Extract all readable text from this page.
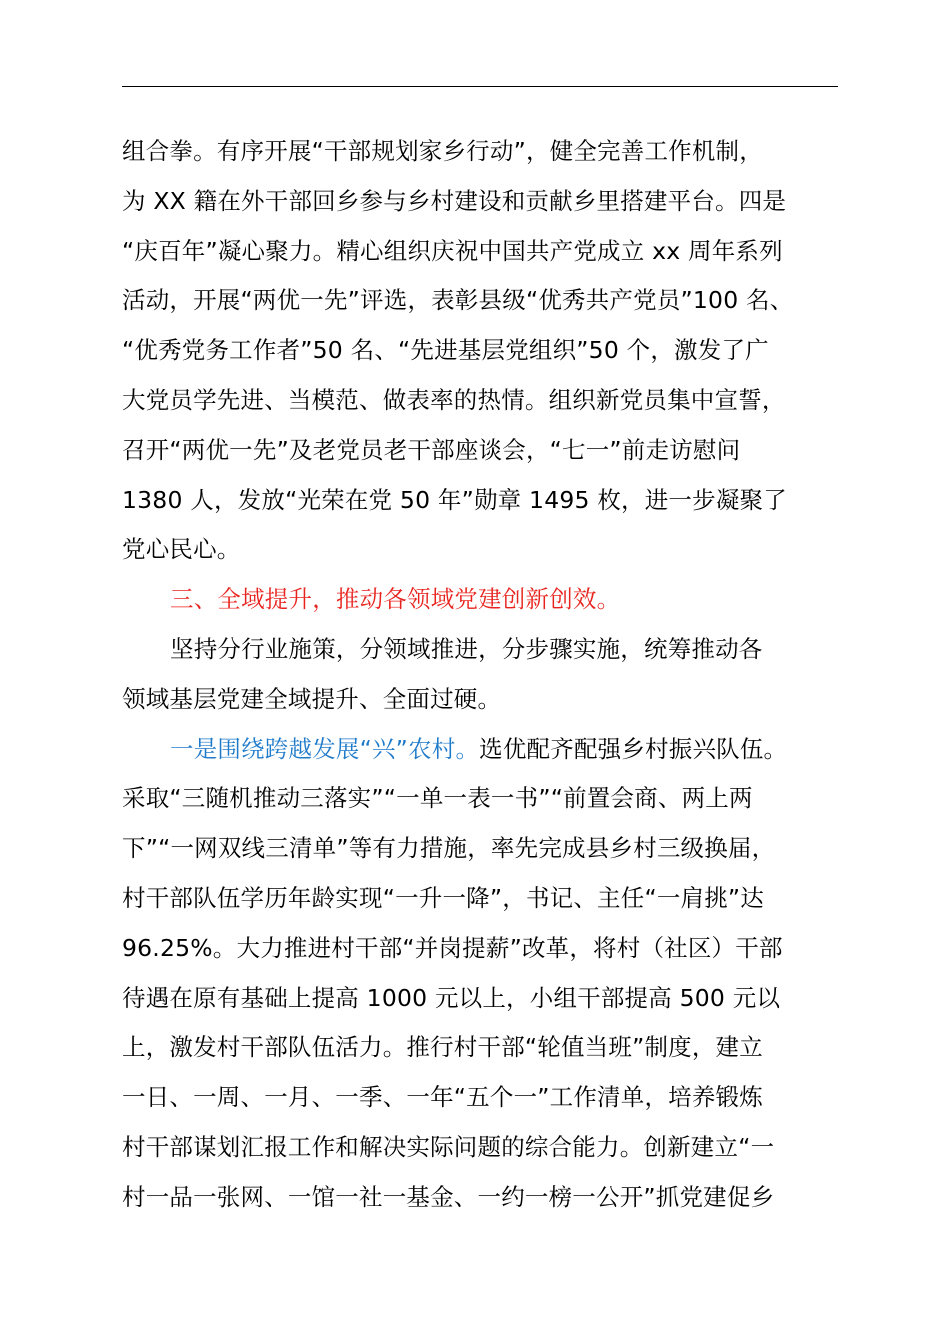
组合拳。有序开展“干部规划家乡行动”，健全完善工作机制，
为 XX 籍在外干部回乡参与乡村建设和贡献乡里搭建平台。四是
“庆百年”凝心聚力。精心组织庆祝中国共产党成立 xx 周年系列
活动，开展“两优一先”评选，表彰县级“优秀共产党员”100 名、
“优秀党务工作者”50 名、“先进基层党组织”50 个，激发了广
大党员学先进、当模范、做表率的热情。组织新党员集中宣誓，
召开“两优一先”及老党员老干部座谈会，“七一”前走访慰问
1380 人，发放“光荣在党 50 年”勋章 1495 枚，进一步凝聚了
党心民心。
三、全域提升，推动各领域党建创新创效。
坚持分行业施策，分领域推进，分步骤实施，统筹推动各
领域基层党建全域提升、全面过硬。
一是围绕跨越发展“兴”农村。选优配齐配强乡村振兴队伍。
采取“三随机推动三落实”“一单一表一书”“前置会商、两上两
下”“一网双线三清单”等有力措施，率先完成县乡村三级换届，
村干部队伍学历年龄实现“一升一降”，书记、主任“一肩挑”达
96.25%。大力推进村干部“并岗提薪”改革，将村（社区）干部
待遇在原有基础上提高 1000 元以上，小组干部提高 500 元以
上，激发村干部队伍活力。推行村干部“轮值当班”制度，建立
一日、一周、一月、一季、一年“五个一”工作清单，培养锻炼
村干部谋划汇报工作和解决实际问题的综合能力。创新建立“一
村一品一张网、一馆一社一基金、一约一榜一公开”抓党建促乡
